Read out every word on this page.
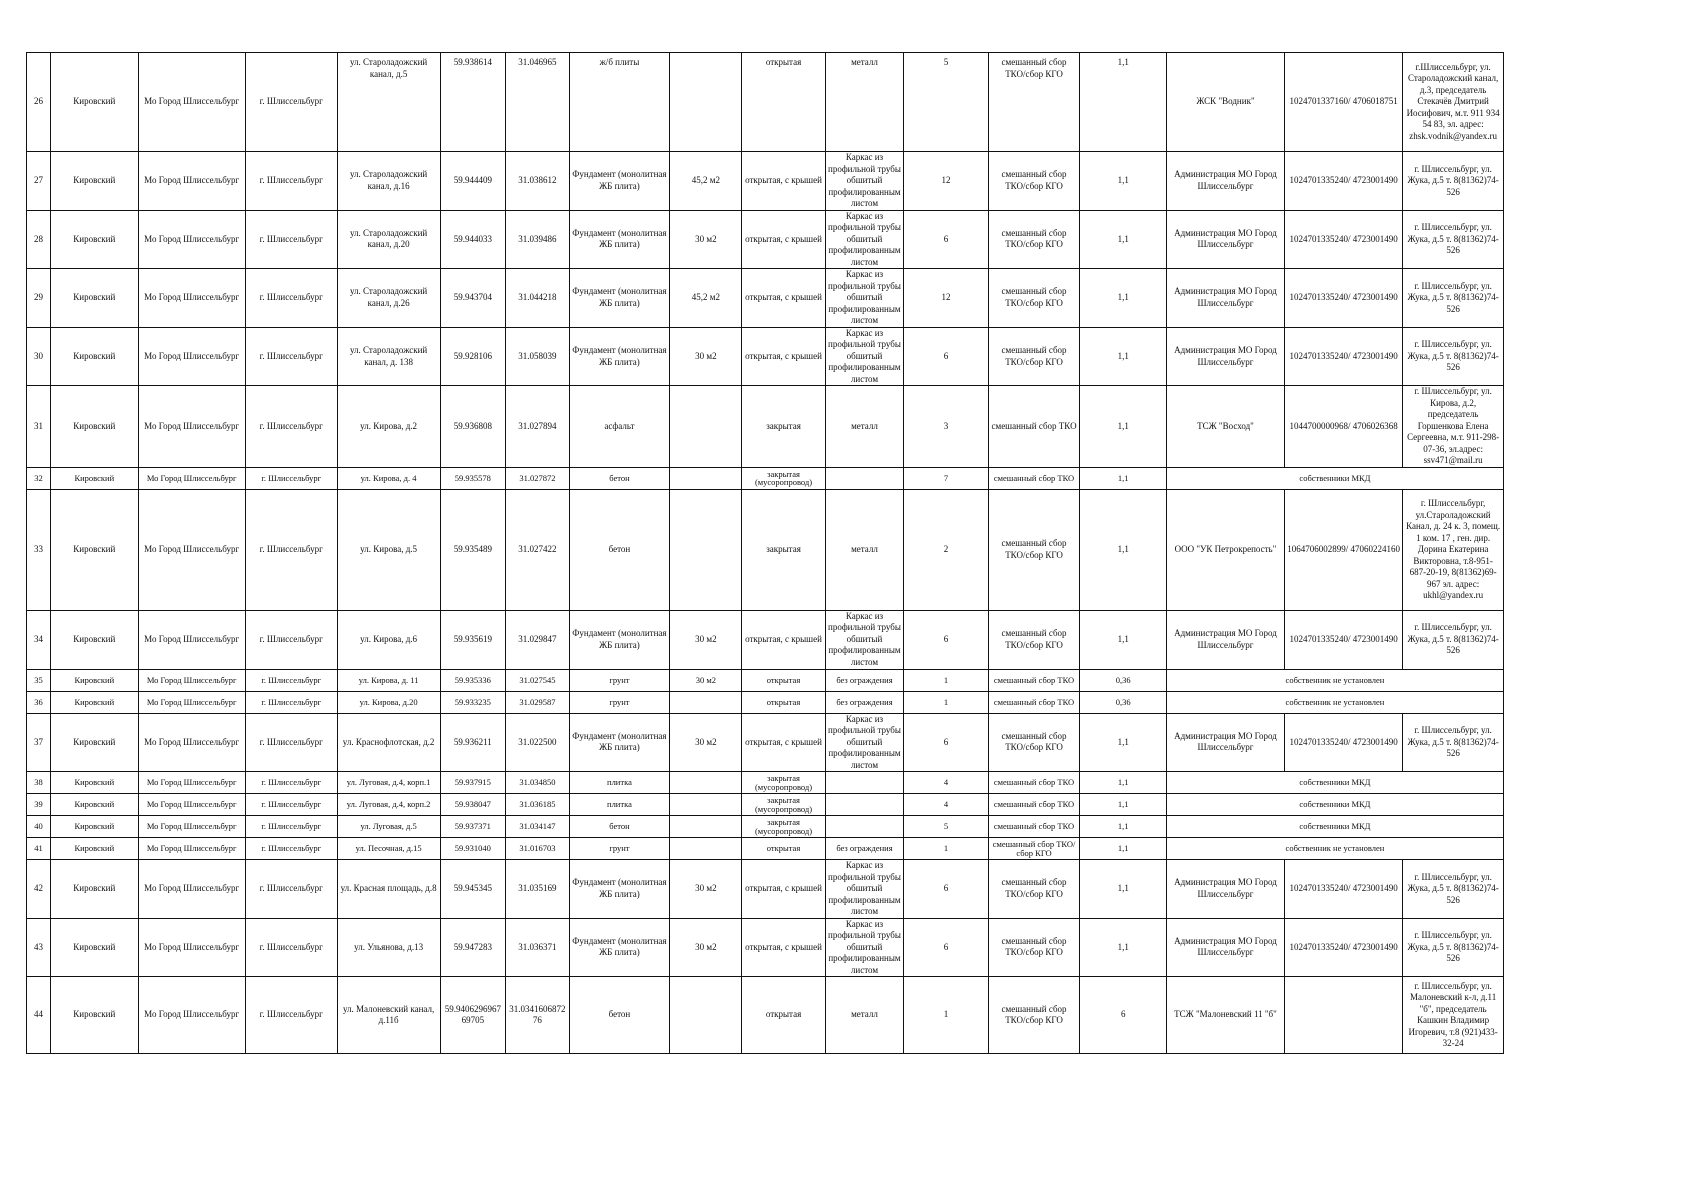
26	Кировский	Мо Город Шлиссельбург	г. Шлиссельбург	ул. Староладожский канал, д.5	59.938614	31.046965	ж/б плиты		открытая	металл	5	смешанный сбор ТКО/сбор КГО	1,1	ЖСК "Водник"	1024701337160/ 4706018751	г.Шлиссельбург, ул. Староладожский канал, д.3, председатель Стекачёв Дмитрий Иосифович, м.т. 911 934 54 83, эл. адрес: zhsk.vodnik@yandex.ru
27	Кировский	Мо Город Шлиссельбург	г. Шлиссельбург	ул. Староладожский канал, д.16	59.944409	31.038612	Фундамент (монолитная ЖБ плита)	45,2 м2	открытая, с крышей	Каркас из профильной трубы обшитый профилированным листом	12	смешанный сбор ТКО/сбор КГО	1,1	Администрация МО Город Шлиссельбург	1024701335240/ 4723001490	г. Шлиссельбург, ул. Жука, д.5 т. 8(81362)74-526
28	Кировский	Мо Город Шлиссельбург	г. Шлиссельбург	ул. Староладожский канал, д.20	59.944033	31.039486	Фундамент (монолитная ЖБ плита)	30 м2	открытая, с крышей	Каркас из профильной трубы обшитый профилированным листом	6	смешанный сбор ТКО/сбор КГО	1,1	Администрация МО Город Шлиссельбург	1024701335240/ 4723001490	г. Шлиссельбург, ул. Жука, д.5 т. 8(81362)74-526
29	Кировский	Мо Город Шлиссельбург	г. Шлиссельбург	ул. Староладожский канал, д.26	59.943704	31.044218	Фундамент (монолитная ЖБ плита)	45,2 м2	открытая, с крышей	Каркас из профильной трубы обшитый профилированным листом	12	смешанный сбор ТКО/сбор КГО	1,1	Администрация МО Город Шлиссельбург	1024701335240/ 4723001490	г. Шлиссельбург, ул. Жука, д.5 т. 8(81362)74-526
30	Кировский	Мо Город Шлиссельбург	г. Шлиссельбург	ул. Староладожский канал, д. 138	59.928106	31.058039	Фундамент (монолитная ЖБ плита)	30 м2	открытая, с крышей	Каркас из профильной трубы обшитый профилированным листом	6	смешанный сбор ТКО/сбор КГО	1,1	Администрация МО Город Шлиссельбург	1024701335240/ 4723001490	г. Шлиссельбург, ул. Жука, д.5 т. 8(81362)74-526
31	Кировский	Мо Город Шлиссельбург	г. Шлиссельбург	ул. Кирова, д.2	59.936808	31.027894	асфальт		закрытая	металл	3	смешанный сбор ТКО	1,1	ТСЖ "Восход"	1044700000968/ 4706026368	г. Шлиссельбург, ул. Кирова, д.2, председатель Горшенкова Елена Сергеевна, м.т. 911-298-07-36, эл.адрес: ssv471@mail.ru
32	Кировский	Мо Город Шлиссельбург	г. Шлиссельбург	ул. Кирова, д. 4	59.935578	31.027872	бетон		закрытая (мусоропровод)		7	смешанный сбор ТКО	1,1	собственники МКД		
33	Кировский	Мо Город Шлиссельбург	г. Шлиссельбург	ул. Кирова, д.5	59.935489	31.027422	бетон		закрытая	металл	2	смешанный сбор ТКО/сбор КГО	1,1	ООО "УК Петрокрепость"	1064706002899/ 47060224160	г. Шлиссельбург, ул.Староладожский Канал, д. 24 к. 3, помещ. 1 ком. 17 , ген. дир. Дорина Екатерина Викторовна, т.8-951-687-20-19, 8(81362)69-967 эл. адрес: ukhl@yandex.ru
34	Кировский	Мо Город Шлиссельбург	г. Шлиссельбург	ул. Кирова, д.6	59.935619	31.029847	Фундамент (монолитная ЖБ плита)	30 м2	открытая, с крышей	Каркас из профильной трубы обшитый профилированным листом	6	смешанный сбор ТКО/сбор КГО	1,1	Администрация МО Город Шлиссельбург	1024701335240/ 4723001490	г. Шлиссельбург, ул. Жука, д.5 т. 8(81362)74-526
35	Кировский	Мо Город Шлиссельбург	г. Шлиссельбург	ул. Кирова, д. 11	59.935336	31.027545	грунт	30 м2	открытая	без ограждения	1	смешанный сбор ТКО	0,36	собственник не установлен		
36	Кировский	Мо Город Шлиссельбург	г. Шлиссельбург	ул. Кирова, д.20	59.933235	31.029587	грунт		открытая	без ограждения	1	смешанный сбор ТКО	0,36	собственник не установлен		
37	Кировский	Мо Город Шлиссельбург	г. Шлиссельбург	ул. Краснофлотская, д.2	59.936211	31.022500	Фундамент (монолитная ЖБ плита)	30 м2	открытая, с крышей	Каркас из профильной трубы обшитый профилированным листом	6	смешанный сбор ТКО/сбор КГО	1,1	Администрация МО Город Шлиссельбург	1024701335240/ 4723001490	г. Шлиссельбург, ул. Жука, д.5 т. 8(81362)74-526
38	Кировский	Мо Город Шлиссельбург	г. Шлиссельбург	ул. Луговая, д.4, корп.1	59.937915	31.034850	плитка		закрытая (мусоропровод)		4	смешанный сбор ТКО	1,1	собственники МКД		
39	Кировский	Мо Город Шлиссельбург	г. Шлиссельбург	ул. Луговая, д.4, корп.2	59.938047	31.036185	плитка		закрытая (мусоропровод)		4	смешанный сбор ТКО	1,1	собственники МКД		
40	Кировский	Мо Город Шлиссельбург	г. Шлиссельбург	ул. Луговая, д.5	59.937371	31.034147	бетон		закрытая (мусоропровод)		5	смешанный сбор ТКО	1,1	собственники МКД		
41	Кировский	Мо Город Шлиссельбург	г. Шлиссельбург	ул. Песочная, д.15	59.931040	31.016703	грунт		открытая	без ограждения	1	смешанный сбор ТКО/сбор КГО	1,1	собственник не установлен		
42	Кировский	Мо Город Шлиссельбург	г. Шлиссельбург	ул. Красная площадь, д.8	59.945345	31.035169	Фундамент (монолитная ЖБ плита)	30 м2	открытая, с крышей	Каркас из профильной трубы обшитый профилированным листом	6	смешанный сбор ТКО/сбор КГО	1,1	Администрация МО Город Шлиссельбург	1024701335240/ 4723001490	г. Шлиссельбург, ул. Жука, д.5 т. 8(81362)74-526
43	Кировский	Мо Город Шлиссельбург	г. Шлиссельбург	ул. Ульянова, д.13	59.947283	31.036371	Фундамент (монолитная ЖБ плита)	30 м2	открытая, с крышей	Каркас из профильной трубы обшитый профилированным листом	6	смешанный сбор ТКО/сбор КГО	1,1	Администрация МО Город Шлиссельбург	1024701335240/ 4723001490	г. Шлиссельбург, ул. Жука, д.5 т. 8(81362)74-526
44	Кировский	Мо Город Шлиссельбург	г. Шлиссельбург	ул. Малоневский канал, д.11б	59.940629696769705	31.034160687276	бетон		открытая	металл	1	смешанный сбор ТКО/сбор КГО	6	ТСЖ "Малоневский 11 "б"		г. Шлиссельбург, ул. Малоневский к-л, д.11 "б", председатель Кашкин Владимир Игоревич, т.8 (921)433-32-24
